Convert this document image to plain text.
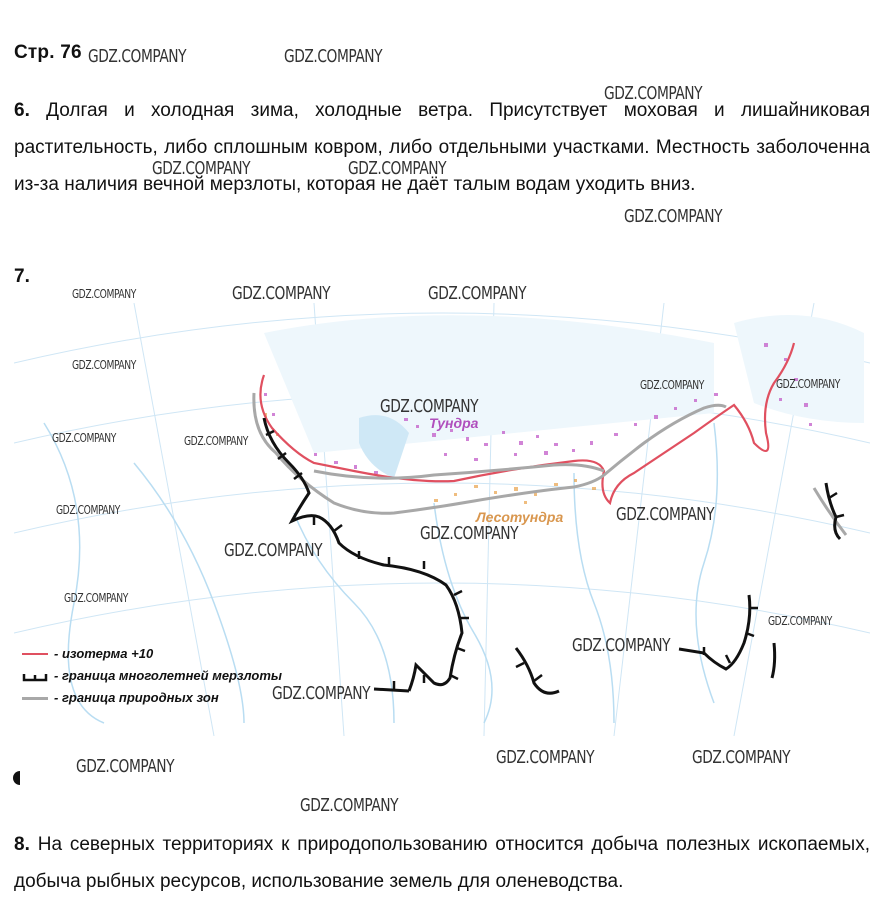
Стр. 76
6. Долгая и холодная зима, холодные ветра. Присутствует моховая и лишайниковая растительность, либо сплошным ковром, либо отдельными участками. Местность заболоченна из-за наличия вечной мерзлоты, которая не даёт талым водам уходить вниз.
7.
Тундра
Лесотундра
- изотерма +10
- граница многолетней мерзлоты
- граница природных зон
8. На северных территориях к природопользованию относится добыча полезных ископаемых, добыча рыбных ресурсов, использование земель для оленеводства.
GDZ.COMPANY	GDZ.COMPANY
GDZ.COMPANY
GDZ.COMPANY	GDZ.COMPANY
GDZ.COMPANY
GDZ.COMPANY	GDZ.COMPANY	GDZ.COMPANY
GDZ.COMPANY
GDZ.COMPANY	GDZ.COMPANY
GDZ.COMPANY
GDZ.COMPANY	GDZ.COMPANY
GDZ.COMPANY	GDZ.COMPANY
GDZ.COMPANY
GDZ.COMPANY
GDZ.COMPANY
GDZ.COMPANY
GDZ.COMPANY
GDZ.COMPANY
GDZ.COMPANY	GDZ.COMPANY
GDZ.COMPANY
GDZ.COMPANY
